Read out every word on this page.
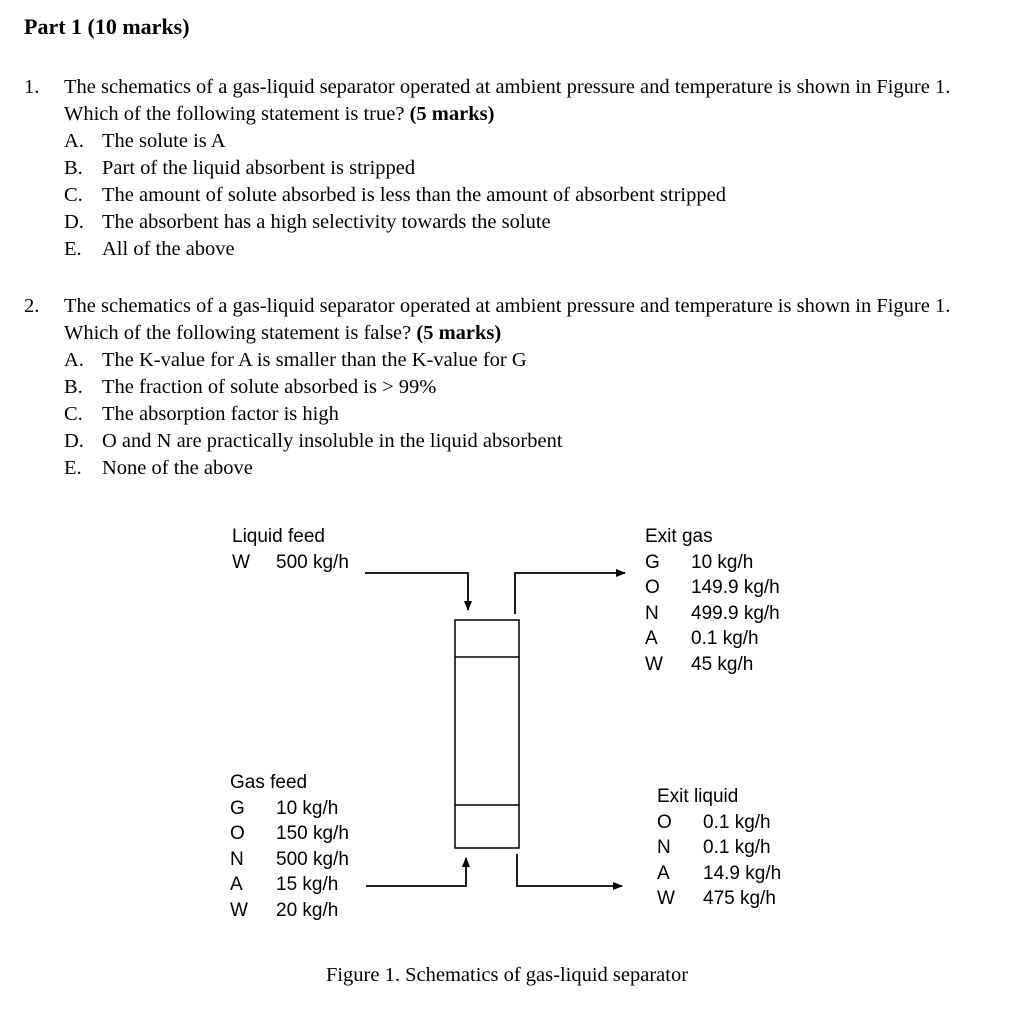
Part 1 (10 marks)
1. The schematics of a gas-liquid separator operated at ambient pressure and temperature is shown in Figure 1. Which of the following statement is true? (5 marks)
A. The solute is A
B. Part of the liquid absorbent is stripped
C. The amount of solute absorbed is less than the amount of absorbent stripped
D. The absorbent has a high selectivity towards the solute
E. All of the above
2. The schematics of a gas-liquid separator operated at ambient pressure and temperature is shown in Figure 1. Which of the following statement is false? (5 marks)
A. The K-value for A is smaller than the K-value for G
B. The fraction of solute absorbed is > 99%
C. The absorption factor is high
D. O and N are practically insoluble in the liquid absorbent
E. None of the above
Liquid feed
W	500 kg/h
Exit gas
G	10 kg/h
O	149.9 kg/h
N	499.9 kg/h
A	0.1 kg/h
W	45 kg/h
Gas feed
G	10 kg/h
O	150 kg/h
N	500 kg/h
A	15 kg/h
W	20 kg/h
Exit liquid
O	0.1 kg/h
N	0.1 kg/h
A	14.9 kg/h
W	475 kg/h
Figure 1. Schematics of gas-liquid separator
